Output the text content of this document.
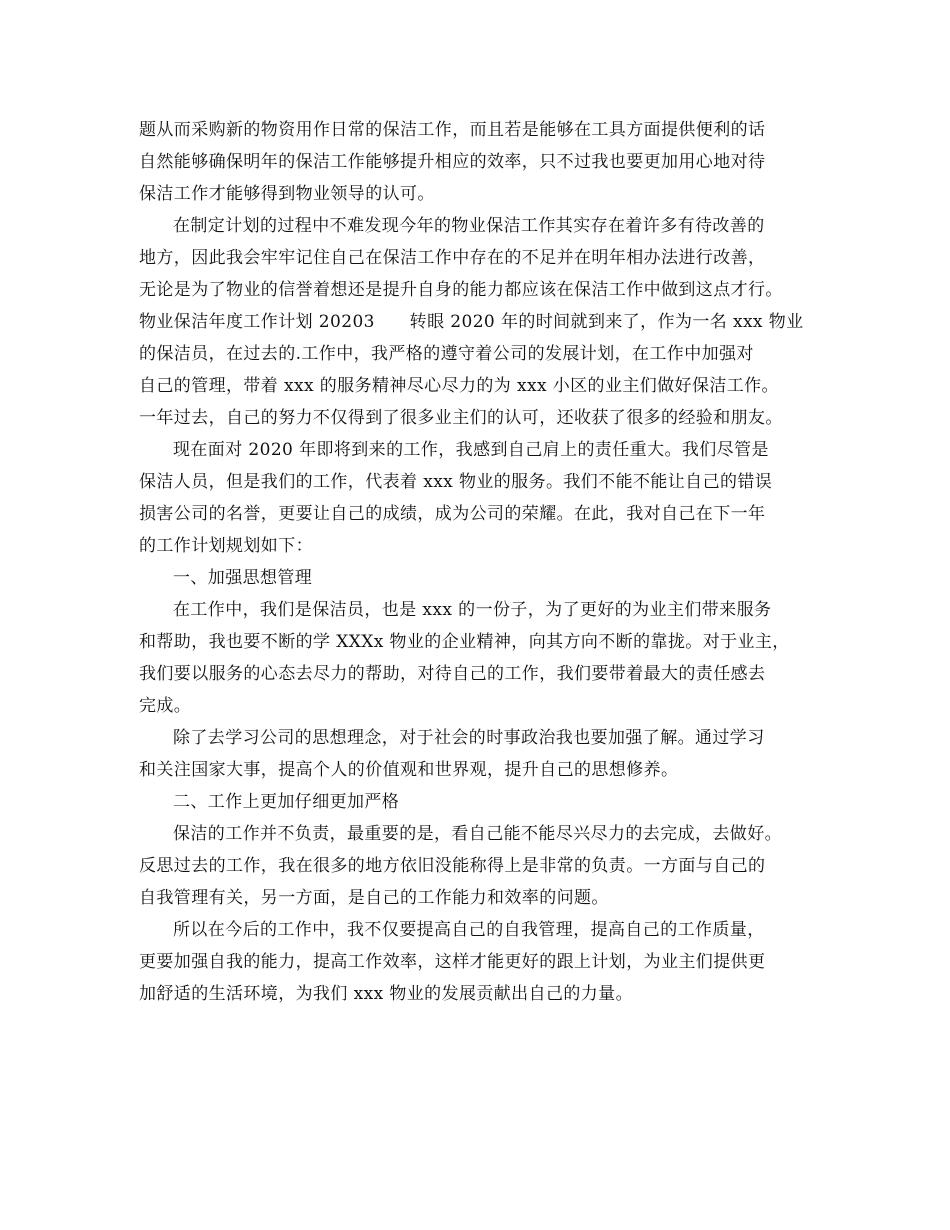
题从而采购新的物资用作日常的保洁工作，而且若是能够在工具方面提供便利的话
自然能够确保明年的保洁工作能够提升相应的效率，只不过我也要更加用心地对待
保洁工作才能够得到物业领导的认可。
在制定计划的过程中不难发现今年的物业保洁工作其实存在着许多有待改善的
地方，因此我会牢牢记住自己在保洁工作中存在的不足并在明年相办法进行改善，
无论是为了物业的信誉着想还是提升自身的能力都应该在保洁工作中做到这点才行。
物业保洁年度工作计划 20203　　转眼 2020 年的时间就到来了，作为一名 xxx 物业
的保洁员，在过去的.工作中，我严格的遵守着公司的发展计划，在工作中加强对
自己的管理，带着 xxx 的服务精神尽心尽力的为 xxx 小区的业主们做好保洁工作。
一年过去，自己的努力不仅得到了很多业主们的认可，还收获了很多的经验和朋友。
现在面对 2020 年即将到来的工作，我感到自己肩上的责任重大。我们尽管是
保洁人员，但是我们的工作，代表着 xxx 物业的服务。我们不能不能让自己的错误
损害公司的名誉，更要让自己的成绩，成为公司的荣耀。在此，我对自己在下一年
的工作计划规划如下：
一、加强思想管理
在工作中，我们是保洁员，也是 xxx 的一份子，为了更好的为业主们带来服务
和帮助，我也要不断的学 XXXx 物业的企业精神，向其方向不断的靠拢。对于业主，
我们要以服务的心态去尽力的帮助，对待自己的工作，我们要带着最大的责任感去
完成。
除了去学习公司的思想理念，对于社会的时事政治我也要加强了解。通过学习
和关注国家大事，提高个人的价值观和世界观，提升自己的思想修养。
二、工作上更加仔细更加严格
保洁的工作并不负责，最重要的是，看自己能不能尽兴尽力的去完成，去做好。
反思过去的工作，我在很多的地方依旧没能称得上是非常的负责。一方面与自己的
自我管理有关，另一方面，是自己的工作能力和效率的问题。
所以在今后的工作中，我不仅要提高自己的自我管理，提高自己的工作质量，
更要加强自我的能力，提高工作效率，这样才能更好的跟上计划，为业主们提供更
加舒适的生活环境，为我们 xxx 物业的发展贡献出自己的力量。
